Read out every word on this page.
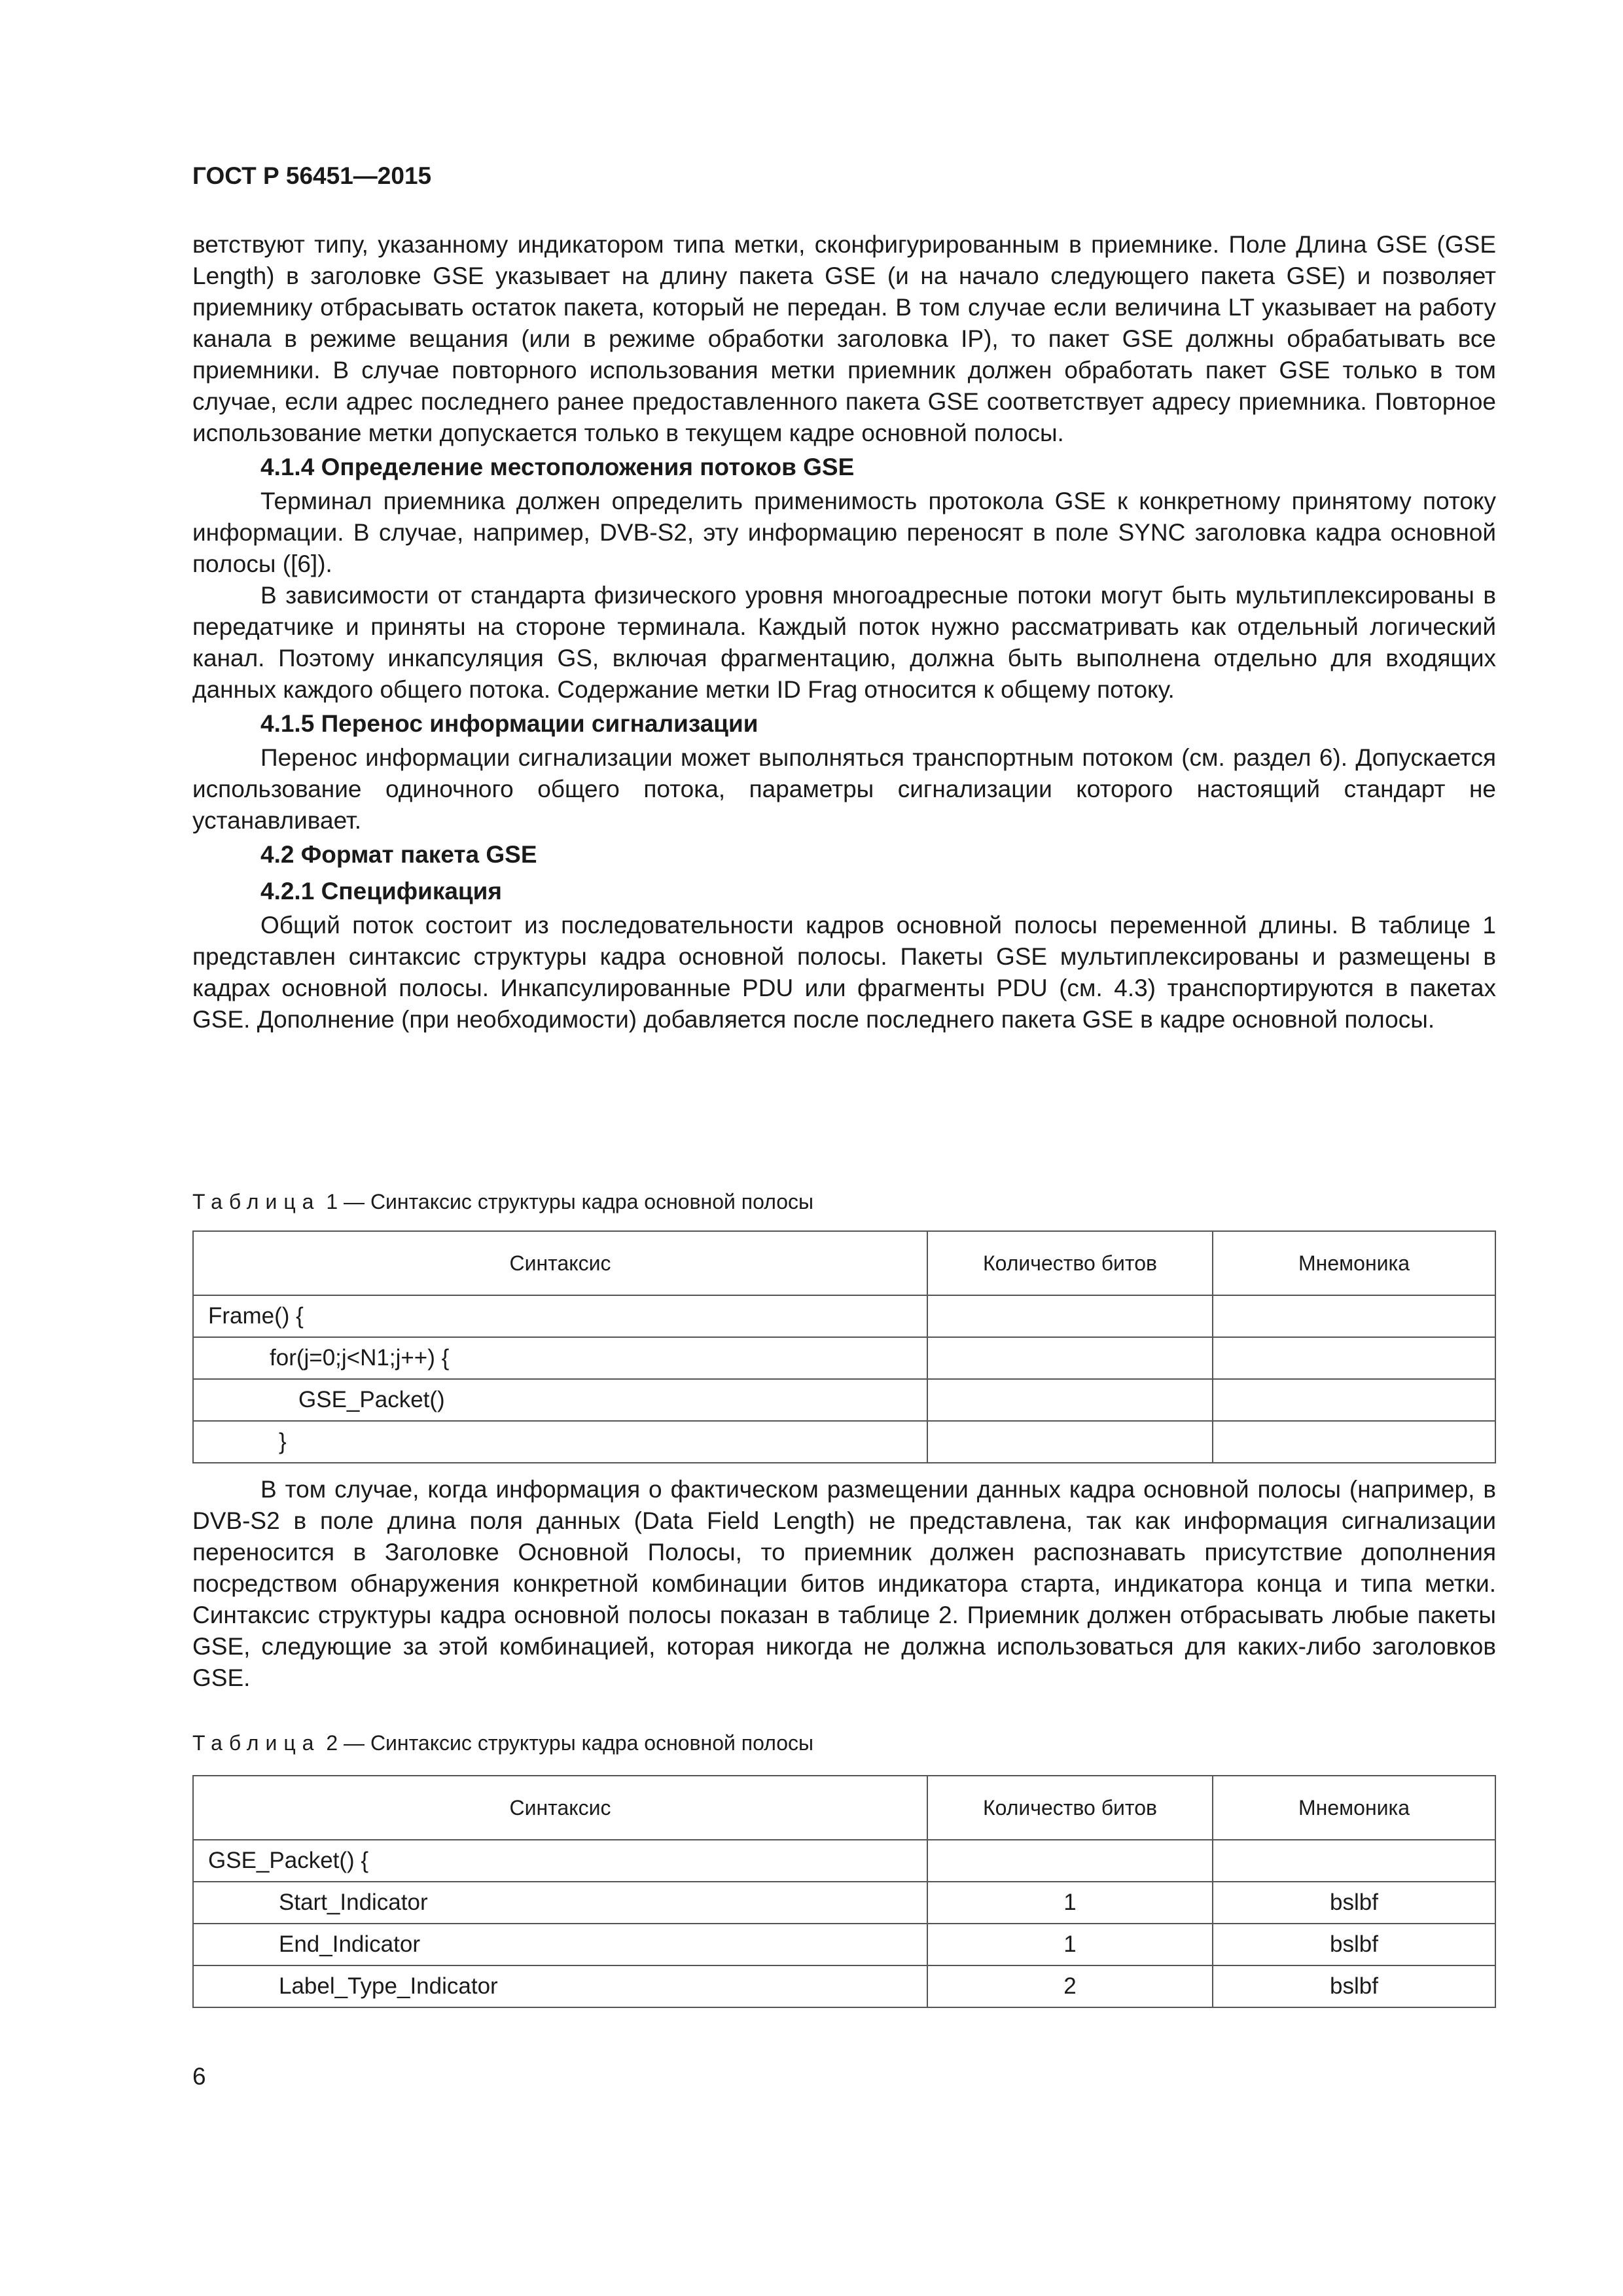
ГОСТ Р 56451—2015

ветствуют типу, указанному индикатором типа метки, сконфигурированным в приемнике. Поле Длина GSE (GSE Length) в заголовке GSE указывает на длину пакета GSE (и на начало следующего пакета GSE) и позволяет приемнику отбрасывать остаток пакета, который не передан. В том случае если величина LT указывает на работу канала в режиме вещания (или в режиме обработки заголовка IP), то пакет GSE должны обрабатывать все приемники. В случае повторного использования метки приемник должен обработать пакет GSE только в том случае, если адрес последнего ранее предоставленного пакета GSE соответствует адресу приемника. Повторное использование метки допускается только в текущем кадре основной полосы.

4.1.4 Определение местоположения потоков GSE

Терминал приемника должен определить применимость протокола GSE к конкретному принятому потоку информации. В случае, например, DVB-S2, эту информацию переносят в поле SYNC заголовка кадра основной полосы ([6]).

В зависимости от стандарта физического уровня многоадресные потоки могут быть мультиплексированы в передатчике и приняты на стороне терминала. Каждый поток нужно рассматривать как отдельный логический канал. Поэтому инкапсуляция GS, включая фрагментацию, должна быть выполнена отдельно для входящих данных каждого общего потока. Содержание метки ID Frag относится к общему потоку.

4.1.5 Перенос информации сигнализации

Перенос информации сигнализации может выполняться транспортным потоком (см. раздел 6). Допускается использование одиночного общего потока, параметры сигнализации которого настоящий стандарт не устанавливает.

4.2 Формат пакета GSE
4.2.1 Спецификация

Общий поток состоит из последовательности кадров основной полосы переменной длины. В таблице 1 представлен синтаксис структуры кадра основной полосы. Пакеты GSE мультиплексированы и размещены в кадрах основной полосы. Инкапсулированные PDU или фрагменты PDU (см. 4.3) транспортируются в пакетах GSE. Дополнение (при необходимости) добавляется после последнего пакета GSE в кадре основной полосы.

Таблица 1 — Синтаксис структуры кадра основной полосы
Синтаксис	Количество битов	Мнемоника
Frame() {		
for(j=0;j<N1;j++) {		
GSE_Packet()		
}		

В том случае, когда информация о фактическом размещении данных кадра основной полосы (например, в DVB-S2 в поле длина поля данных (Data Field Length) не представлена, так как информация сигнализации переносится в Заголовке Основной Полосы, то приемник должен распознавать присутствие дополнения посредством обнаружения конкретной комбинации битов индикатора старта, индикатора конца и типа метки. Синтаксис структуры кадра основной полосы показан в таблице 2. Приемник должен отбрасывать любые пакеты GSE, следующие за этой комбинацией, которая никогда не должна использоваться для каких-либо заголовков GSE.

Таблица 2 — Синтаксис структуры кадра основной полосы
Синтаксис	Количество битов	Мнемоника
GSE_Packet() {		
Start_Indicator	1	bslbf
End_Indicator	1	bslbf
Label_Type_Indicator	2	bslbf
6
